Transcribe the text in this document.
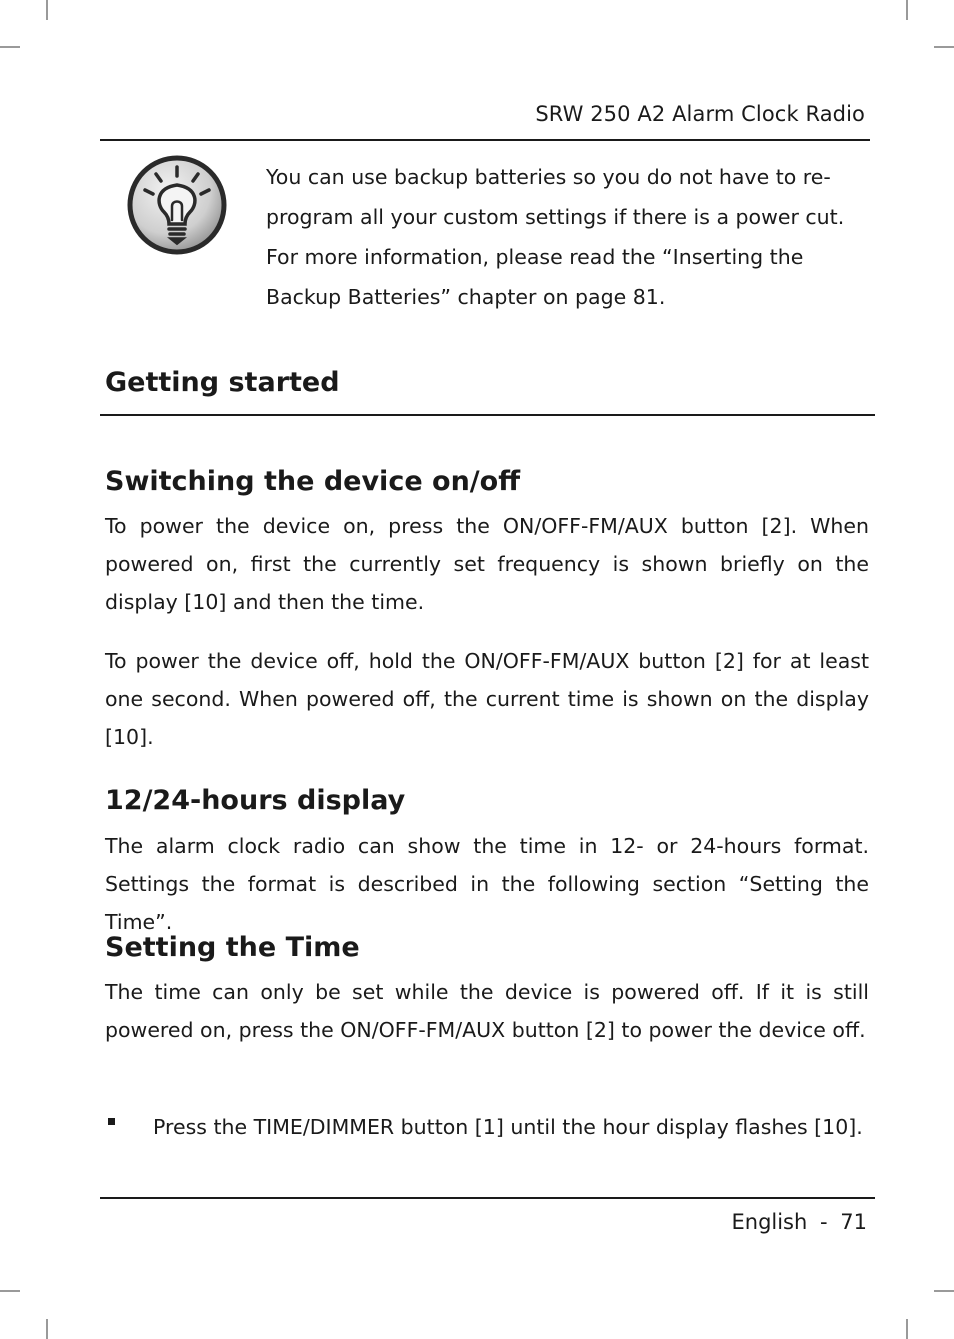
SRW 250 A2 Alarm Clock Radio
You can use backup batteries so you do not have to re-
program all your custom settings if there is a power cut.
For more information, please read the “Inserting the
Backup Batteries” chapter on page 81.
Getting started
Switching the device on/off

To power the device on, press the ON/OFF-FM/AUX button [2]. When powered on, first the currently set frequency is shown briefly on the display [10] and then the time.

To power the device off, hold the ON/OFF-FM/AUX button [2] for at least one second. When powered off, the current time is shown on the display [10].

12/24-hours display

The alarm clock radio can show the time in 12- or 24-hours format. Settings the format is described in the following section “Setting the Time”.

Setting the Time

The time can only be set while the device is powered off. If it is still powered on, press the ON/OFF-FM/AUX button [2] to power the device off.

Press the TIME/DIMMER button [1] until the hour display flashes [10].

English - 71
